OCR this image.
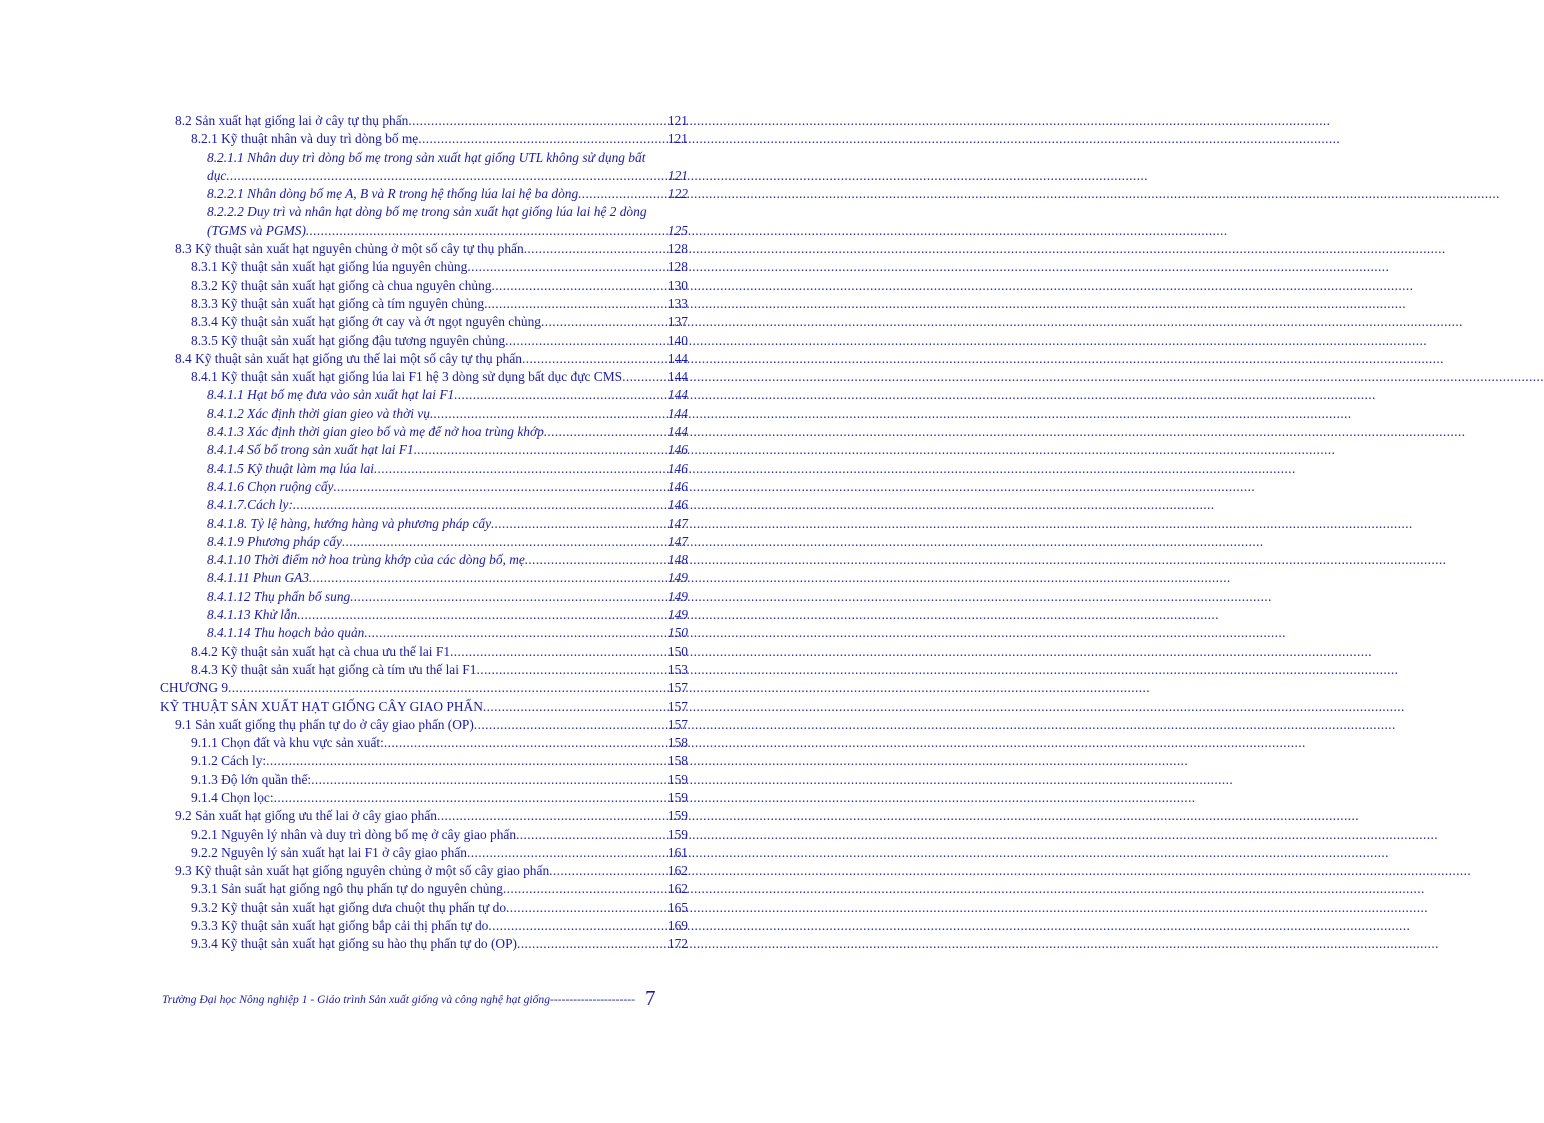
8.2 Sản xuất hạt giống lai ở cây tự thụ phấn .....	121
8.2.1 Kỹ thuật nhân và duy trì dòng bố mẹ .....	121
8.2.1.1 Nhân duy trì dòng bố mẹ trong sản xuất hạt giống UTL không sử dụng bất
dục .....	121
8.2.2.1 Nhân dòng bố mẹ A, B và R trong hệ thống lúa lai hệ ba dòng .....	122
8.2.2.2 Duy trì và nhân hạt dòng bố mẹ trong sản xuất hạt giống lúa lai hệ 2 dòng
(TGMS và PGMS) .....	125
8.3 Kỹ thuật sản xuất hạt nguyên chủng ở một số cây tự thụ phấn .....	128
8.3.1 Kỹ thuật sản xuất hạt giống lúa nguyên chủng .....	128
8.3.2 Kỹ thuật sản xuất hạt giống cà chua nguyên chủng .....	130
8.3.3 Kỹ thuật sản xuất hạt giống cà tím nguyên chủng .....	133
8.3.4 Kỹ thuật sản xuất hạt giống ớt cay và ớt ngọt nguyên chủng .....	137
8.3.5 Kỹ thuật sản xuất hạt giống đậu tương nguyên chủng .....	140
8.4 Kỹ thuật sản xuất hạt giống ưu thế lai một số cây tự thụ phấn .....	144
8.4.1 Kỹ thuật sản xuất hạt giống lúa lai F1 hệ 3 dòng sử dụng bất dục đực CMS .....	144
8.4.1.1 Hạt bố mẹ đưa vào sản xuất hạt lai F1 .....	144
8.4.1.2 Xác định thời gian gieo và thời vụ .....	144
8.4.1.3 Xác định thời gian gieo bố và mẹ để nở hoa trùng khớp .....	144
8.4.1.4 Số bố trong sản xuất hạt lai F1 .....	146
8.4.1.5 Kỹ thuật làm mạ lúa lai .....	146
8.4.1.6 Chọn ruộng cấy .....	146
8.4.1.7.Cách ly: .....	146
8.4.1.8. Tỷ lệ hàng, hướng hàng và phương pháp cấy .....	147
8.4.1.9 Phương pháp cấy .....	147
8.4.1.10 Thời điểm nở hoa trùng khớp của các dòng bố, mẹ .....	148
8.4.1.11 Phun GA3 .....	149
8.4.1.12 Thụ phấn bổ sung .....	149
8.4.1.13 Khử lẫn .....	149
8.4.1.14 Thu hoạch bảo quản .....	150
8.4.2 Kỹ thuật sản xuất hạt cà chua ưu thế lai F1 .....	150
8.4.3 Kỹ thuật sản xuất hạt giống cà tím ưu thế lai F1 .....	153
CHƯƠNG 9 .....	157
KỸ THUẬT SẢN XUẤT HẠT GIỐNG CÂY GIAO PHẤN .....	157
9.1 Sản xuất giống thụ phấn tự do ở cây giao phấn (OP) .....	157
9.1.1 Chọn đất và khu vực sản xuất: .....	158
9.1.2 Cách ly: .....	158
9.1.3 Độ lớn quần thể: .....	159
9.1.4 Chọn lọc: .....	159
9.2 Sản xuất hạt giống ưu thế lai ở cây giao phấn .....	159
9.2.1 Nguyên lý nhân và duy trì dòng bố mẹ ở cây giao phấn .....	159
9.2.2 Nguyên lý sản xuất hạt lai F1 ở cây giao phấn .....	161
9.3 Kỹ thuật sản xuất hạt giống nguyên chủng ở một số cây giao phấn .....	162
9.3.1 Sản suất hạt giống ngô thụ phấn tự do nguyên chủng .....	162
9.3.2 Kỹ thuật sản xuất hạt giống dưa chuột thụ phấn tự do .....	165
9.3.3 Kỹ thuật sản xuất hạt giống bắp cải thị phấn tự do .....	169
9.3.4 Kỹ thuật sản xuất hạt giống su hào thụ phấn tự do (OP) .....	172
Trường Đại học Nông nghiệp 1 - Giáo trình Sản xuất giống và công nghệ hạt giống---------------------- 7
